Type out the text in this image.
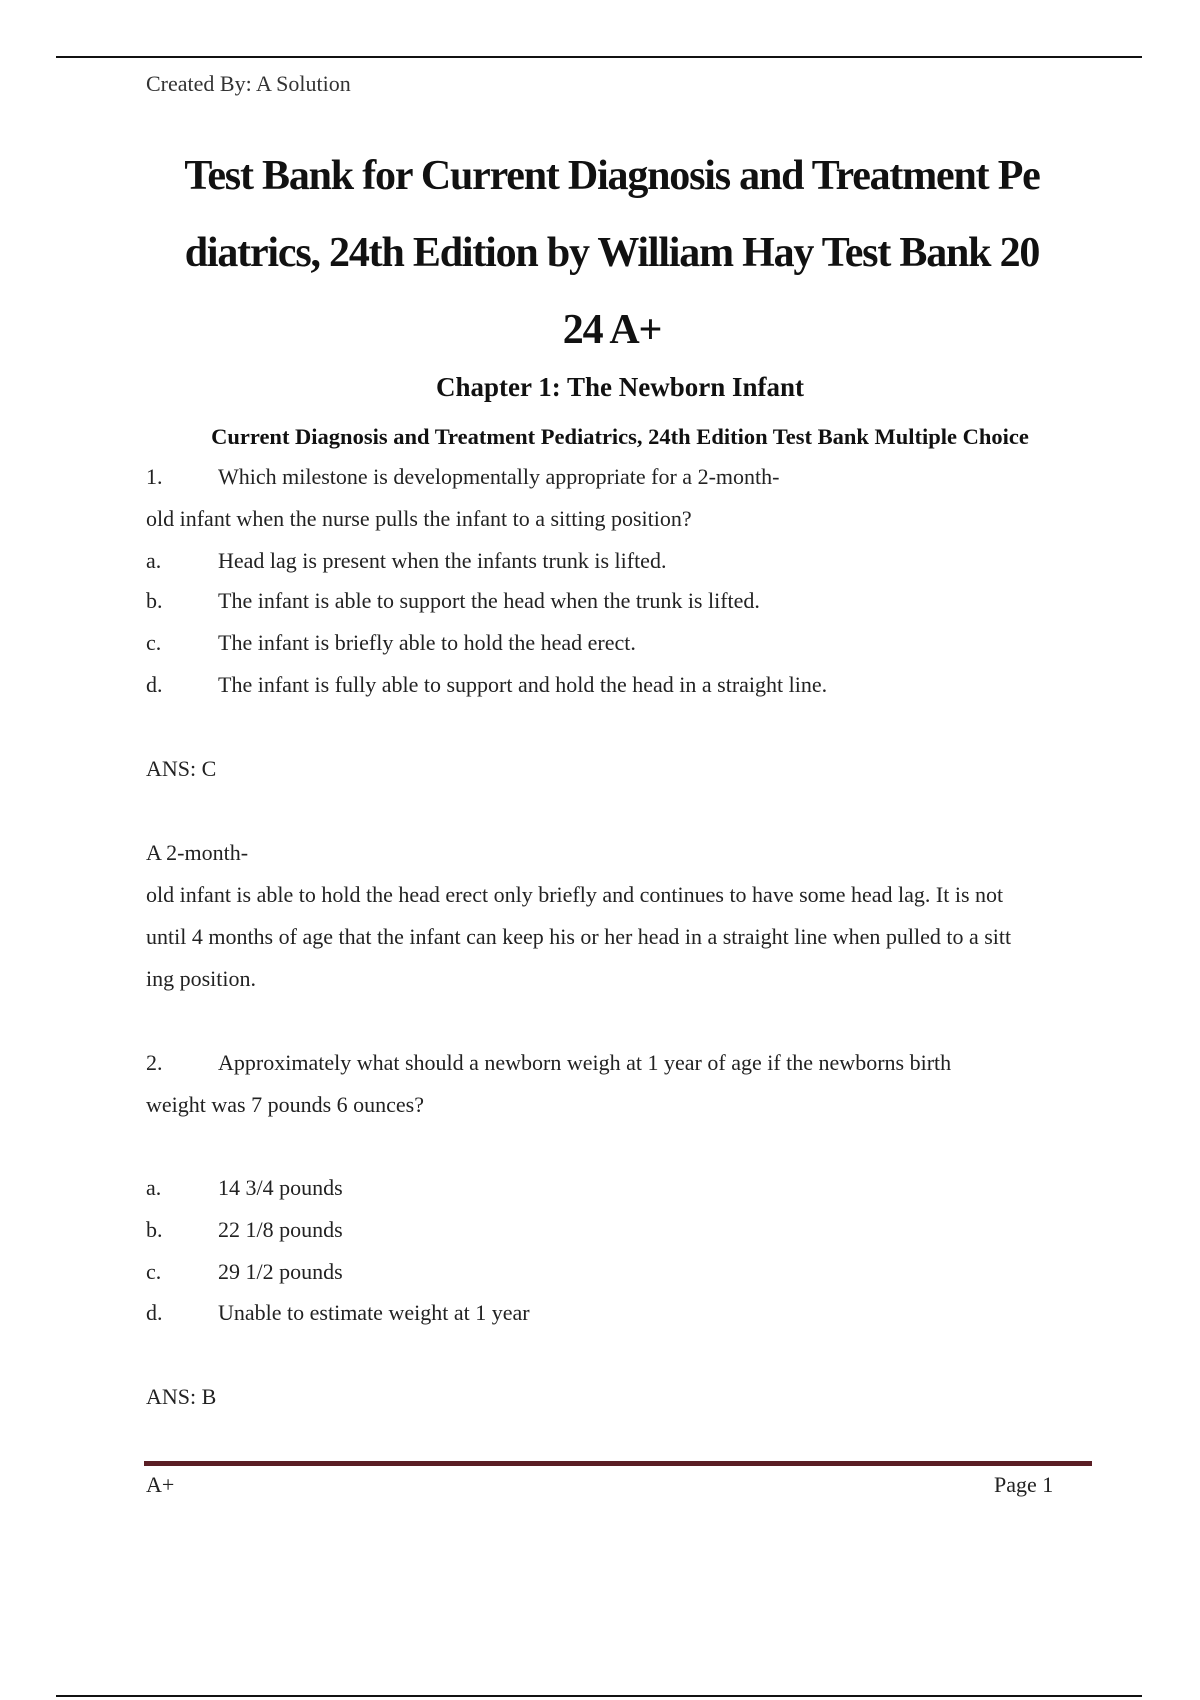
Created By: A Solution
Test Bank for Current Diagnosis and Treatment Pe
diatrics, 24th Edition by William Hay Test Bank 20
24 A+
Chapter 1: The Newborn Infant
Current Diagnosis and Treatment Pediatrics, 24th Edition Test Bank Multiple Choice
1.	Which milestone is developmentally appropriate for a 2-month-
old infant when the nurse pulls the infant to a sitting position?
a.	Head lag is present when the infants trunk is lifted.
b.	The infant is able to support the head when the trunk is lifted.
c.	The infant is briefly able to hold the head erect.
d.	The infant is fully able to support and hold the head in a straight line.
ANS: C
A 2-month-
old infant is able to hold the head erect only briefly and continues to have some head lag. It is not
until 4 months of age that the infant can keep his or her head in a straight line when pulled to a sitt
ing position.
2.	Approximately what should a newborn weigh at 1 year of age if the newborns birth
weight was 7 pounds 6 ounces?
a.	14 3/4 pounds
b.	22 1/8 pounds
c.	29 1/2 pounds
d.	Unable to estimate weight at 1 year
ANS: B
A+	Page 1
